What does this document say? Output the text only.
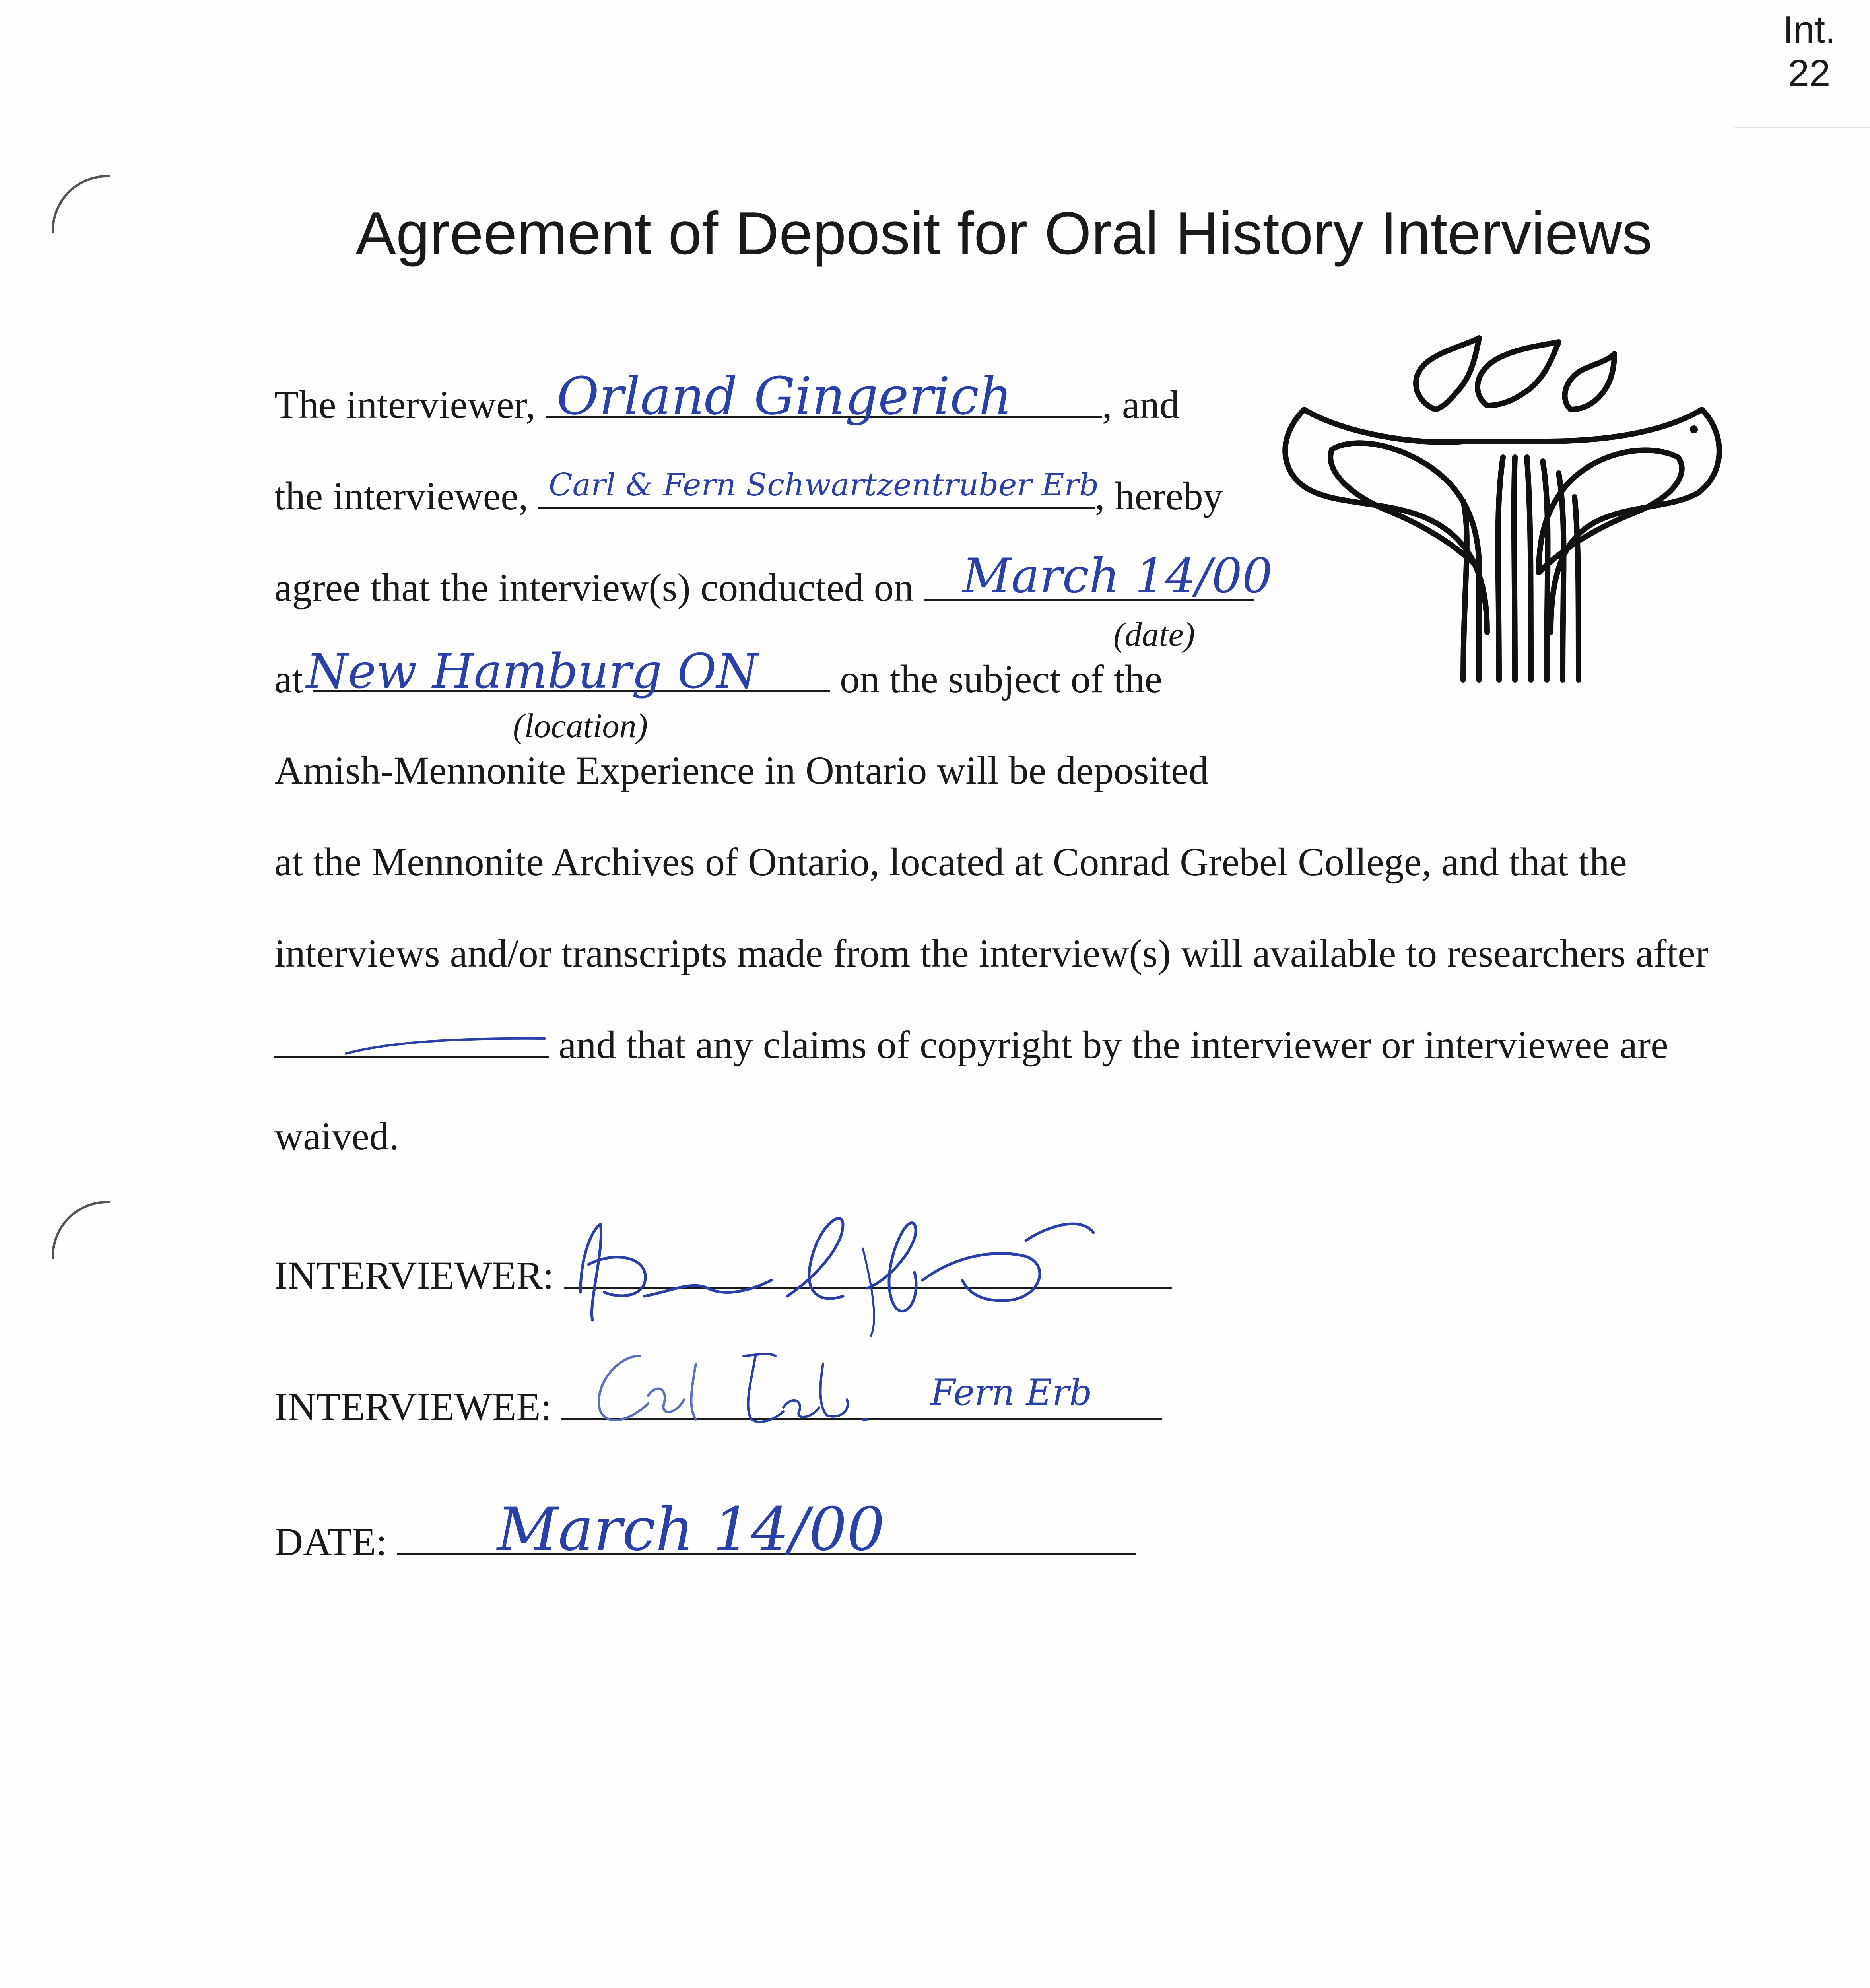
Int.
22
Agreement of Deposit for Oral History Interviews
The interviewer,	, and
Orland Gingerich
the interviewee,	, hereby
Carl & Fern Schwartzentruber Erb
agree that the interview(s) conducted on	March 14/00
(date)
at	on the subject of the
New Hamburg ON
(location)
Amish-Mennonite Experience in Ontario will be deposited
at the Mennonite Archives of Ontario, located at Conrad Grebel College, and that the
interviews and/or transcripts made from the interview(s) will available to researchers after
and that any claims of copyright by the interviewer or interviewee are
waived.
INTERVIEWER:
INTERVIEWEE:	Fern Erb
DATE:	March 14/00
